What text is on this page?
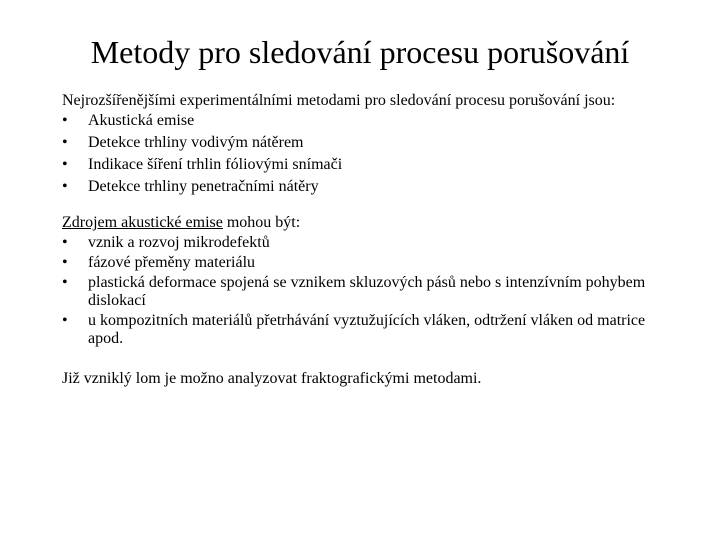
Metody pro sledování procesu porušování

Nejrozšířenějšími experimentálními metodami pro sledování procesu porušování jsou:

•	Akustická emise
•	Detekce trhliny vodivým nátěrem
•	Indikace šíření trhlin fóliovými snímači
•	Detekce trhliny penetračními nátěry

Zdrojem akustické emise mohou být:

•	vznik a rozvoj mikrodefektů
•	fázové přeměny materiálu
•	plastická deformace spojená se vznikem skluzových pásů nebo s intenzívním pohybem dislokací
•	u kompozitních materiálů přetrhávání vyztužujících vláken, odtržení vláken od matrice apod.

Již vzniklý lom je možno analyzovat fraktografickými metodami.
